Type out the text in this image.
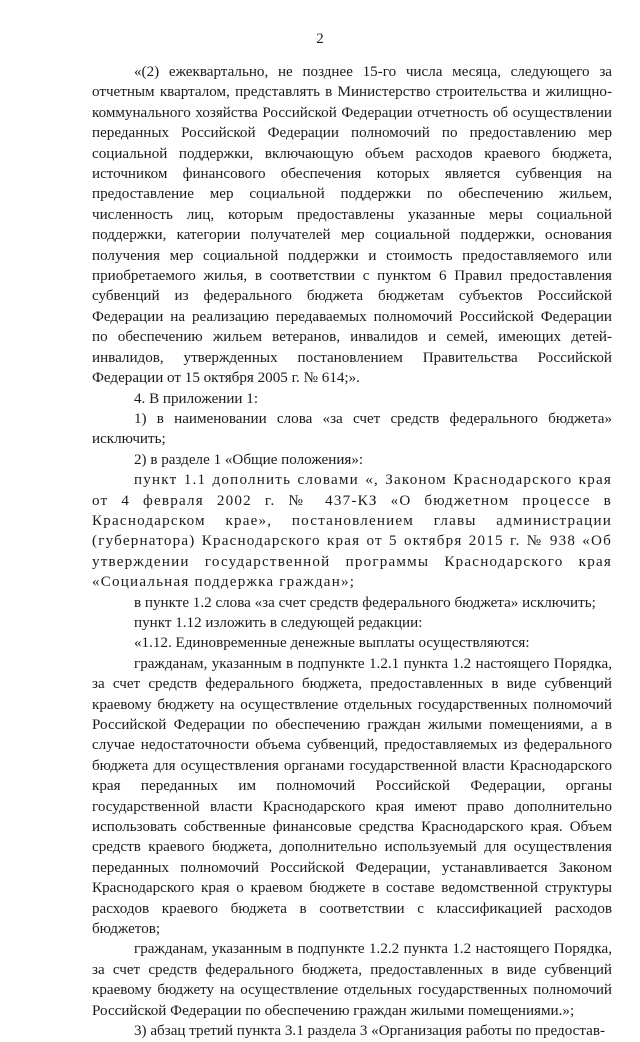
2

«(2) ежеквартально, не позднее 15-го числа месяца, следующего за отчетным кварталом, представлять в Министерство строительства и жилищно-коммунального хозяйства Российской Федерации отчетность об осуществлении переданных Российской Федерации полномочий по предоставлению мер социальной поддержки, включающую объем расходов краевого бюджета, источником финансового обеспечения которых является субвенция на предоставление мер социальной поддержки по обеспечению жильем, численность лиц, которым предоставлены указанные меры социальной поддержки, категории получателей мер социальной поддержки, основания получения мер социальной поддержки и стоимость предоставляемого или приобретаемого жилья, в соответствии с пунктом 6 Правил предоставления субвенций из федерального бюджета бюджетам субъектов Российской Федерации на реализацию передаваемых полномочий Российской Федерации по обеспечению жильем ветеранов, инвалидов и семей, имеющих детей-инвалидов, утвержденных постановлением Правительства Российской Федерации от 15 октября 2005 г. № 614;».

4. В приложении 1:

1) в наименовании слова «за счет средств федерального бюджета» исключить;

2) в разделе 1 «Общие положения»:

пункт 1.1 дополнить словами «, Законом Краснодарского края от 4 февраля 2002 г. № 437-КЗ «О бюджетном процессе в Краснодарском крае», постановлением главы администрации (губернатора) Краснодарского края от 5 октября 2015 г. № 938 «Об утверждении государственной программы Краснодарского края «Социальная поддержка граждан»;

в пункте 1.2 слова «за счет средств федерального бюджета» исключить;

пункт 1.12 изложить в следующей редакции:

«1.12. Единовременные денежные выплаты осуществляются:

гражданам, указанным в подпункте 1.2.1 пункта 1.2 настоящего Порядка, за счет средств федерального бюджета, предоставленных в виде субвенций краевому бюджету на осуществление отдельных государственных полномочий Российской Федерации по обеспечению граждан жилыми помещениями, а в случае недостаточности объема субвенций, предоставляемых из федерального бюджета для осуществления органами государственной власти Краснодарского края переданных им полномочий Российской Федерации, органы государственной власти Краснодарского края имеют право дополнительно использовать собственные финансовые средства Краснодарского края. Объем средств краевого бюджета, дополнительно используемый для осуществления переданных полномочий Российской Федерации, устанавливается Законом Краснодарского края о краевом бюджете в составе ведомственной структуры расходов краевого бюджета в соответствии с классификацией расходов бюджетов;

гражданам, указанным в подпункте 1.2.2 пункта 1.2 настоящего Порядка, за счет средств федерального бюджета, предоставленных в виде субвенций краевому бюджету на осуществление отдельных государственных полномочий Российской Федерации по обеспечению граждан жилыми помещениями.»;

3) абзац третий пункта 3.1 раздела 3 «Организация работы по предостав-
